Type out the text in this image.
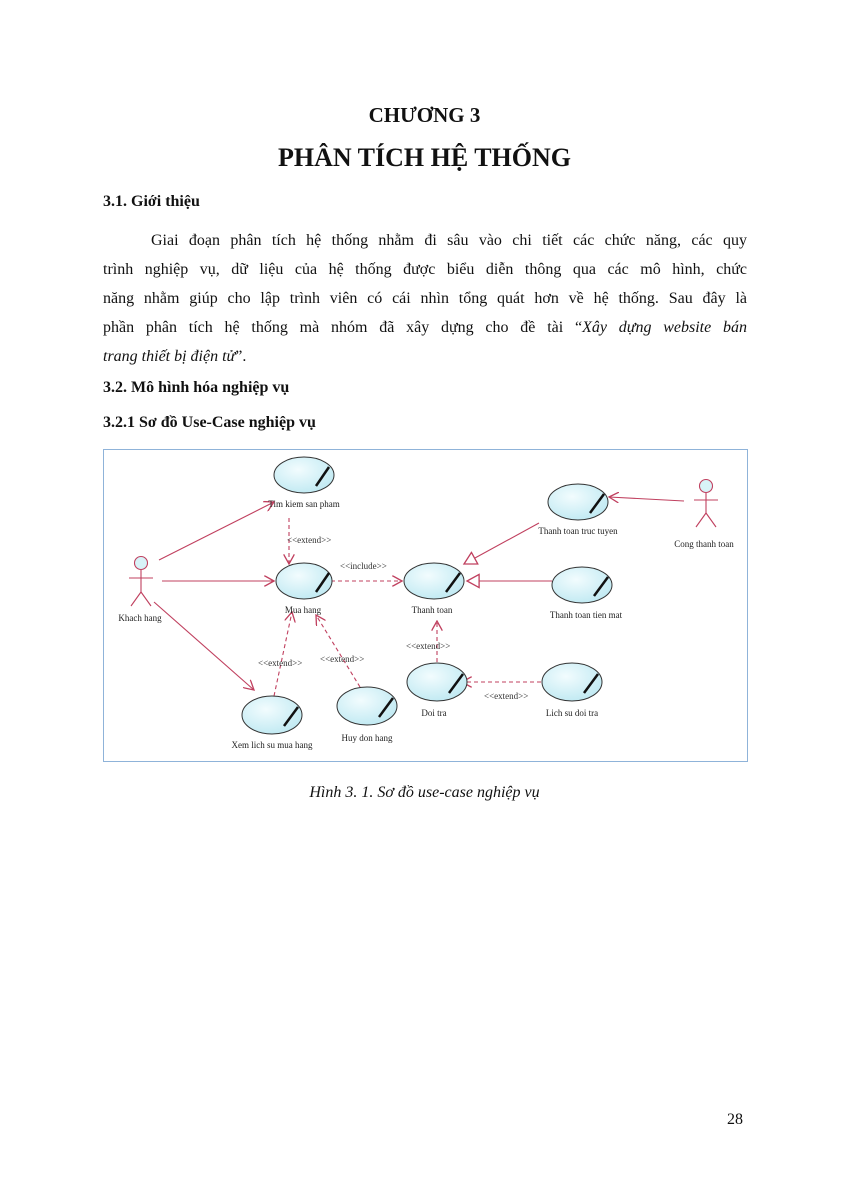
CHƯƠNG 3
PHÂN TÍCH HỆ THỐNG
3.1. Giới thiệu
Giai đoạn phân tích hệ thống nhằm đi sâu vào chi tiết các chức năng, các quy
trình nghiệp vụ, dữ liệu của hệ thống được biểu diễn thông qua các mô hình, chức
năng nhằm giúp cho lập trình viên có cái nhìn tổng quát hơn về hệ thống. Sau đây là
phần phân tích hệ thống mà nhóm đã xây dựng cho đề tài “Xây dựng website bán
trang thiết bị điện tử”.
3.2. Mô hình hóa nghiệp vụ
3.2.1 Sơ đồ Use-Case nghiệp vụ
<<extend>>
<<include>>
<<extend>>
<<extend>> <<extend>>
<<extend>>
Khach hang
Cong thanh toan
Tim kiem san pham
Mua hang	Thanh toan
Thanh toan truc tuyen
Thanh toan tien mat
Doi tra	Lich su doi tra
Xem lich su mua hang
Huy don hang
Hình 3. 1. Sơ đồ use-case nghiệp vụ
28
